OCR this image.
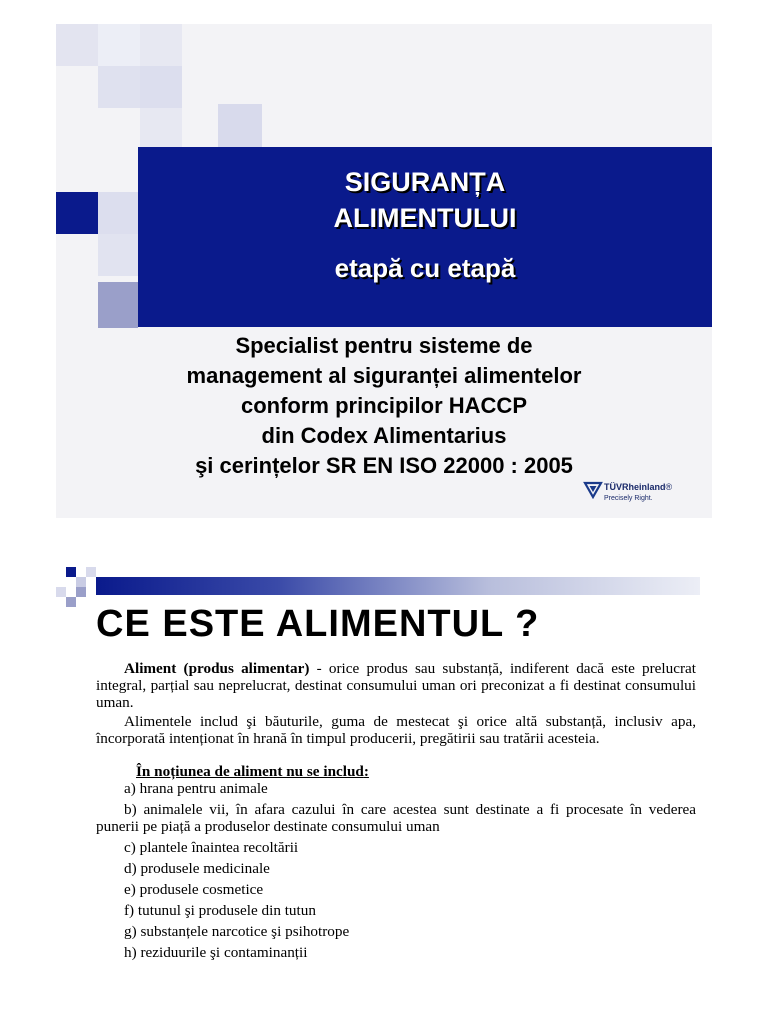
SIGURANȚA
ALIMENTULUI
etapă cu etapă
Specialist pentru sisteme de
management al siguranței alimentelor
conform principilor HACCP
din Codex Alimentarius
şi cerințelor SR EN ISO 22000 : 2005
TÜVRheinland®
Precisely Right.
CE ESTE ALIMENTUL ?

Aliment (produs alimentar) - orice produs sau substanță, indiferent dacă este prelucrat integral, parțial sau neprelucrat, destinat consumului uman ori preconizat a fi destinat consumului uman.

Alimentele includ şi băuturile, guma de mestecat şi orice altă substanță, inclusiv apa, încorporată intenționat în hrană în timpul producerii, pregătirii sau tratării acesteia.

În noțiunea de aliment nu se includ:

a) hrana pentru animale

b) animalele vii, în afara cazului în care acestea sunt destinate a fi procesate în vederea punerii pe piață a produselor destinate consumului uman

c) plantele înaintea recoltării

d) produsele medicinale

e) produsele cosmetice

f) tutunul şi produsele din tutun

g) substanțele narcotice şi psihotrope

h) reziduurile şi contaminanții
